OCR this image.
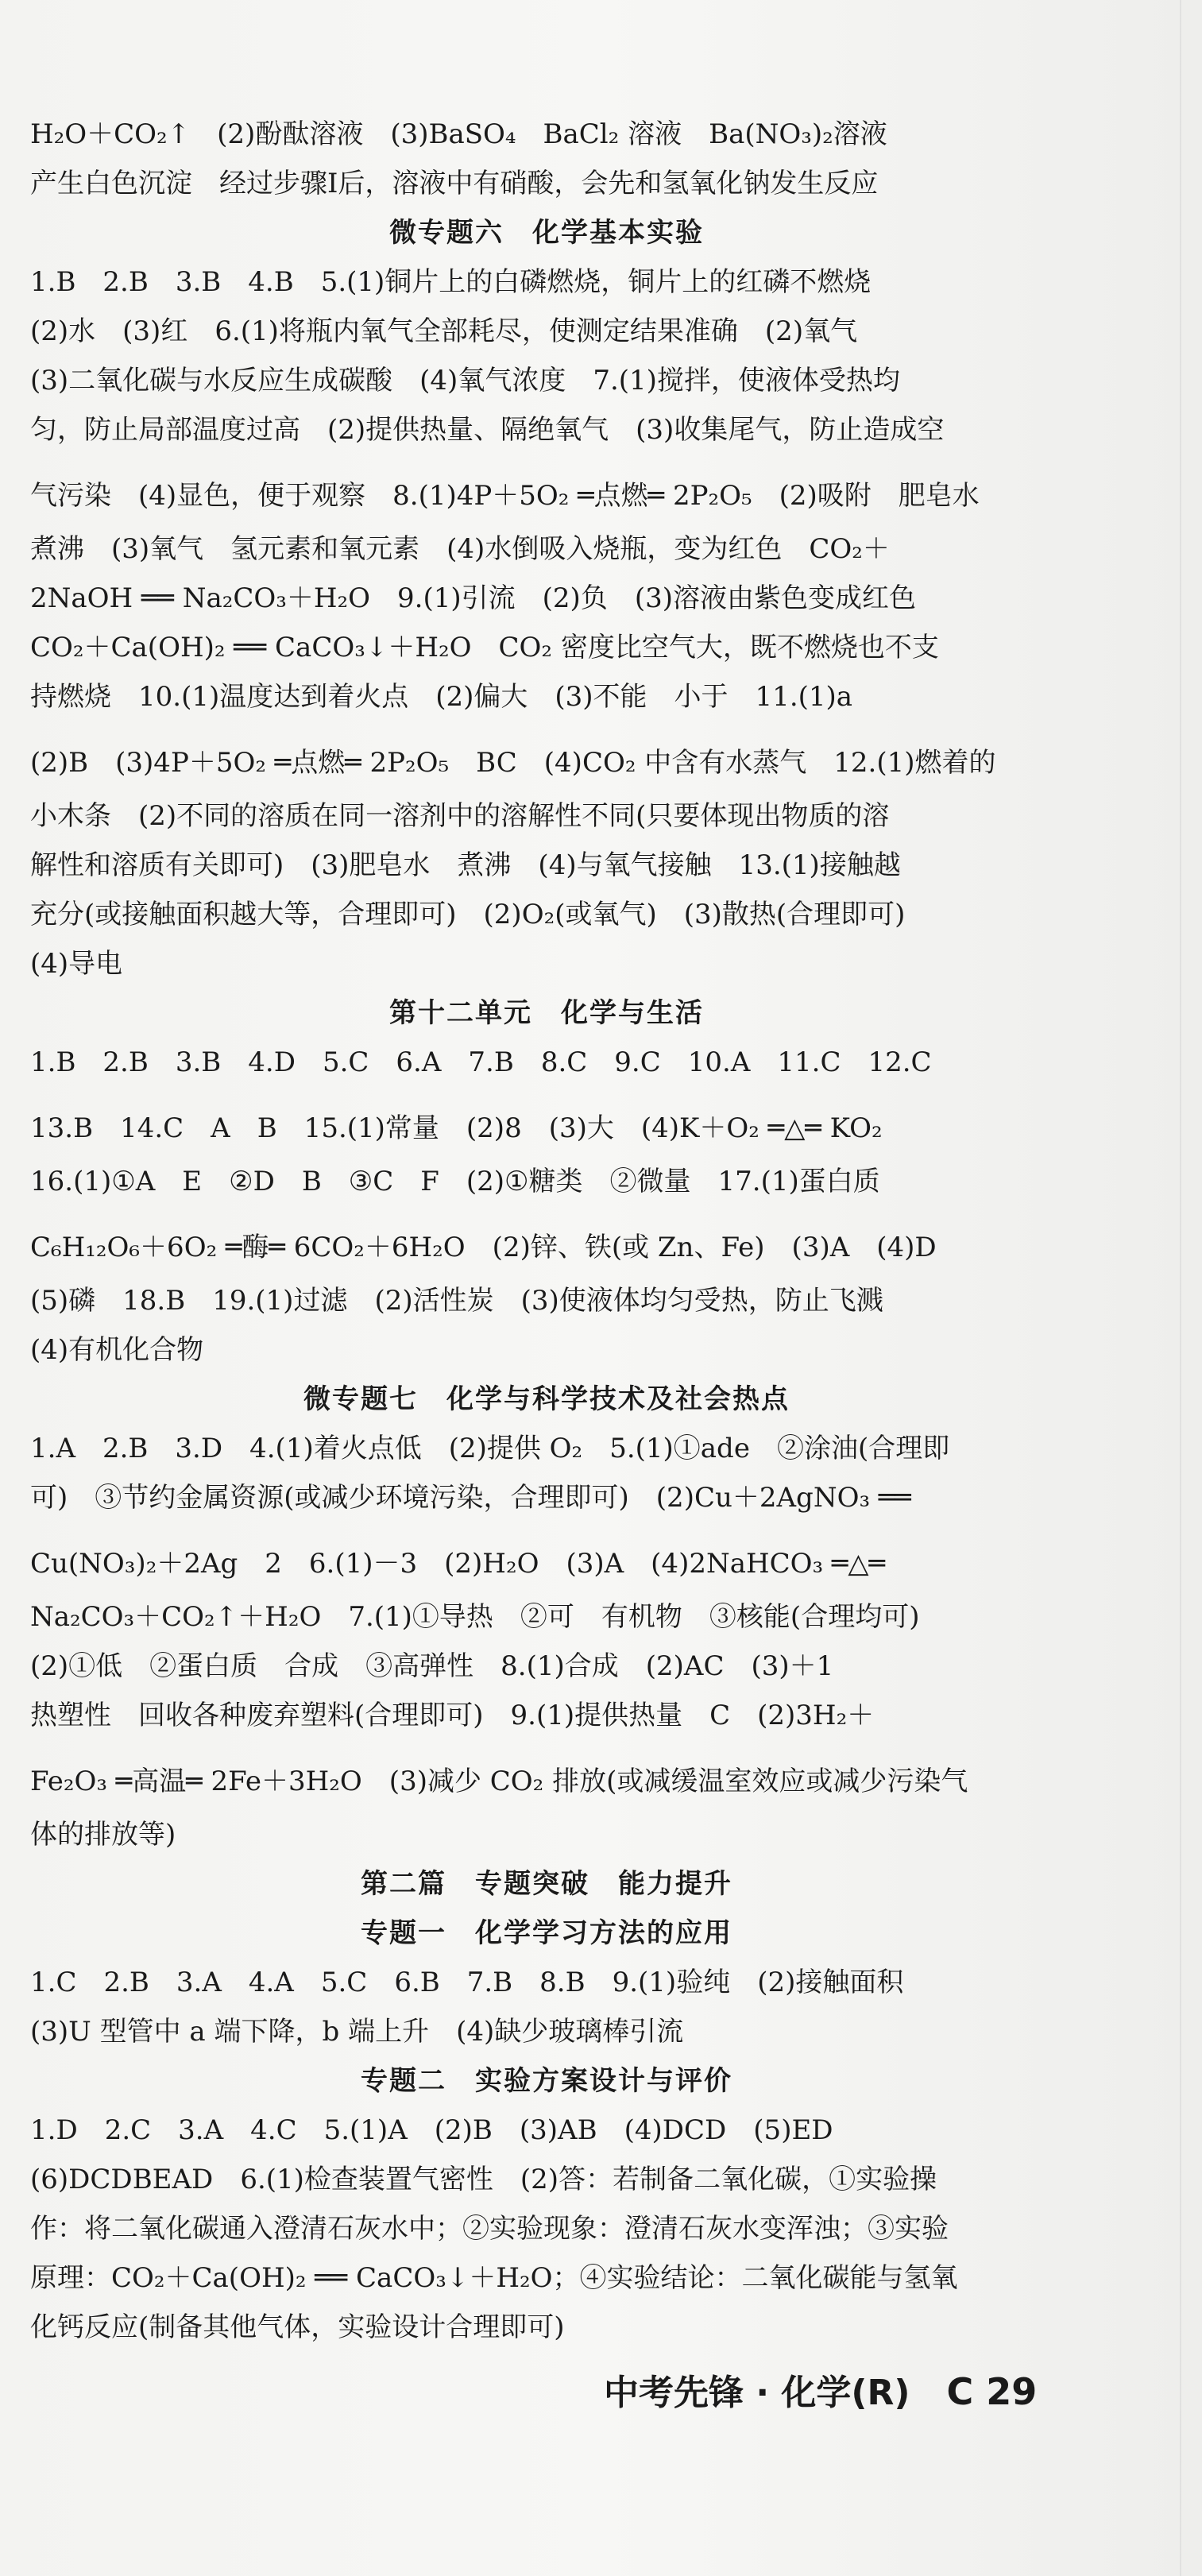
H₂O＋CO₂↑　(2)酚酞溶液　(3)BaSO₄　BaCl₂ 溶液　Ba(NO₃)₂溶液
产生白色沉淀　经过步骤Ⅰ后，溶液中有硝酸，会先和氢氧化钠发生反应
微专题六　化学基本实验
1.B　2.B　3.B　4.B　5.(1)铜片上的白磷燃烧，铜片上的红磷不燃烧
(2)水　(3)红　6.(1)将瓶内氧气全部耗尽，使测定结果准确　(2)氧气
(3)二氧化碳与水反应生成碳酸　(4)氧气浓度　7.(1)搅拌，使液体受热均
匀，防止局部温度过高　(2)提供热量、隔绝氧气　(3)收集尾气，防止造成空
气污染　(4)显色，便于观察　8.(1)4P＋5O₂ ═点燃═ 2P₂O₅　(2)吸附　肥皂水
煮沸　(3)氧气　氢元素和氧元素　(4)水倒吸入烧瓶，变为红色　CO₂＋
2NaOH ══ Na₂CO₃＋H₂O　9.(1)引流　(2)负　(3)溶液由紫色变成红色
CO₂＋Ca(OH)₂ ══ CaCO₃↓＋H₂O　CO₂ 密度比空气大，既不燃烧也不支
持燃烧　10.(1)温度达到着火点　(2)偏大　(3)不能　小于　11.(1)a
(2)B　(3)4P＋5O₂ ═点燃═ 2P₂O₅　BC　(4)CO₂ 中含有水蒸气　12.(1)燃着的
小木条　(2)不同的溶质在同一溶剂中的溶解性不同(只要体现出物质的溶
解性和溶质有关即可)　(3)肥皂水　煮沸　(4)与氧气接触　13.(1)接触越
充分(或接触面积越大等，合理即可)　(2)O₂(或氧气)　(3)散热(合理即可)
(4)导电
第十二单元　化学与生活
1.B　2.B　3.B　4.D　5.C　6.A　7.B　8.C　9.C　10.A　11.C　12.C
13.B　14.C　A　B　15.(1)常量　(2)8　(3)大　(4)K＋O₂ ═△═ KO₂
16.(1)①A　E　②D　B　③C　F　(2)①糖类　②微量　17.(1)蛋白质
C₆H₁₂O₆＋6O₂ ═酶═ 6CO₂＋6H₂O　(2)锌、铁(或 Zn、Fe)　(3)A　(4)D
(5)磷　18.B　19.(1)过滤　(2)活性炭　(3)使液体均匀受热，防止飞溅
(4)有机化合物
微专题七　化学与科学技术及社会热点
1.A　2.B　3.D　4.(1)着火点低　(2)提供 O₂　5.(1)①ade　②涂油(合理即
可)　③节约金属资源(或减少环境污染，合理即可)　(2)Cu＋2AgNO₃ ══
Cu(NO₃)₂＋2Ag　2　6.(1)－3　(2)H₂O　(3)A　(4)2NaHCO₃ ═△═
Na₂CO₃＋CO₂↑＋H₂O　7.(1)①导热　②可　有机物　③核能(合理均可)
(2)①低　②蛋白质　合成　③高弹性　8.(1)合成　(2)AC　(3)＋1
热塑性　回收各种废弃塑料(合理即可)　9.(1)提供热量　C　(2)3H₂＋
Fe₂O₃ ═高温═ 2Fe＋3H₂O　(3)减少 CO₂ 排放(或减缓温室效应或减少污染气
体的排放等)
第二篇　专题突破　能力提升
专题一　化学学习方法的应用
1.C　2.B　3.A　4.A　5.C　6.B　7.B　8.B　9.(1)验纯　(2)接触面积
(3)U 型管中 a 端下降，b 端上升　(4)缺少玻璃棒引流
专题二　实验方案设计与评价
1.D　2.C　3.A　4.C　5.(1)A　(2)B　(3)AB　(4)DCD　(5)ED
(6)DCDBEAD　6.(1)检查装置气密性　(2)答：若制备二氧化碳，①实验操
作：将二氧化碳通入澄清石灰水中；②实验现象：澄清石灰水变浑浊；③实验
原理：CO₂＋Ca(OH)₂ ══ CaCO₃↓＋H₂O；④实验结论：二氧化碳能与氢氧
化钙反应(制备其他气体，实验设计合理即可)
中考先锋 · 化学(R) C 29
